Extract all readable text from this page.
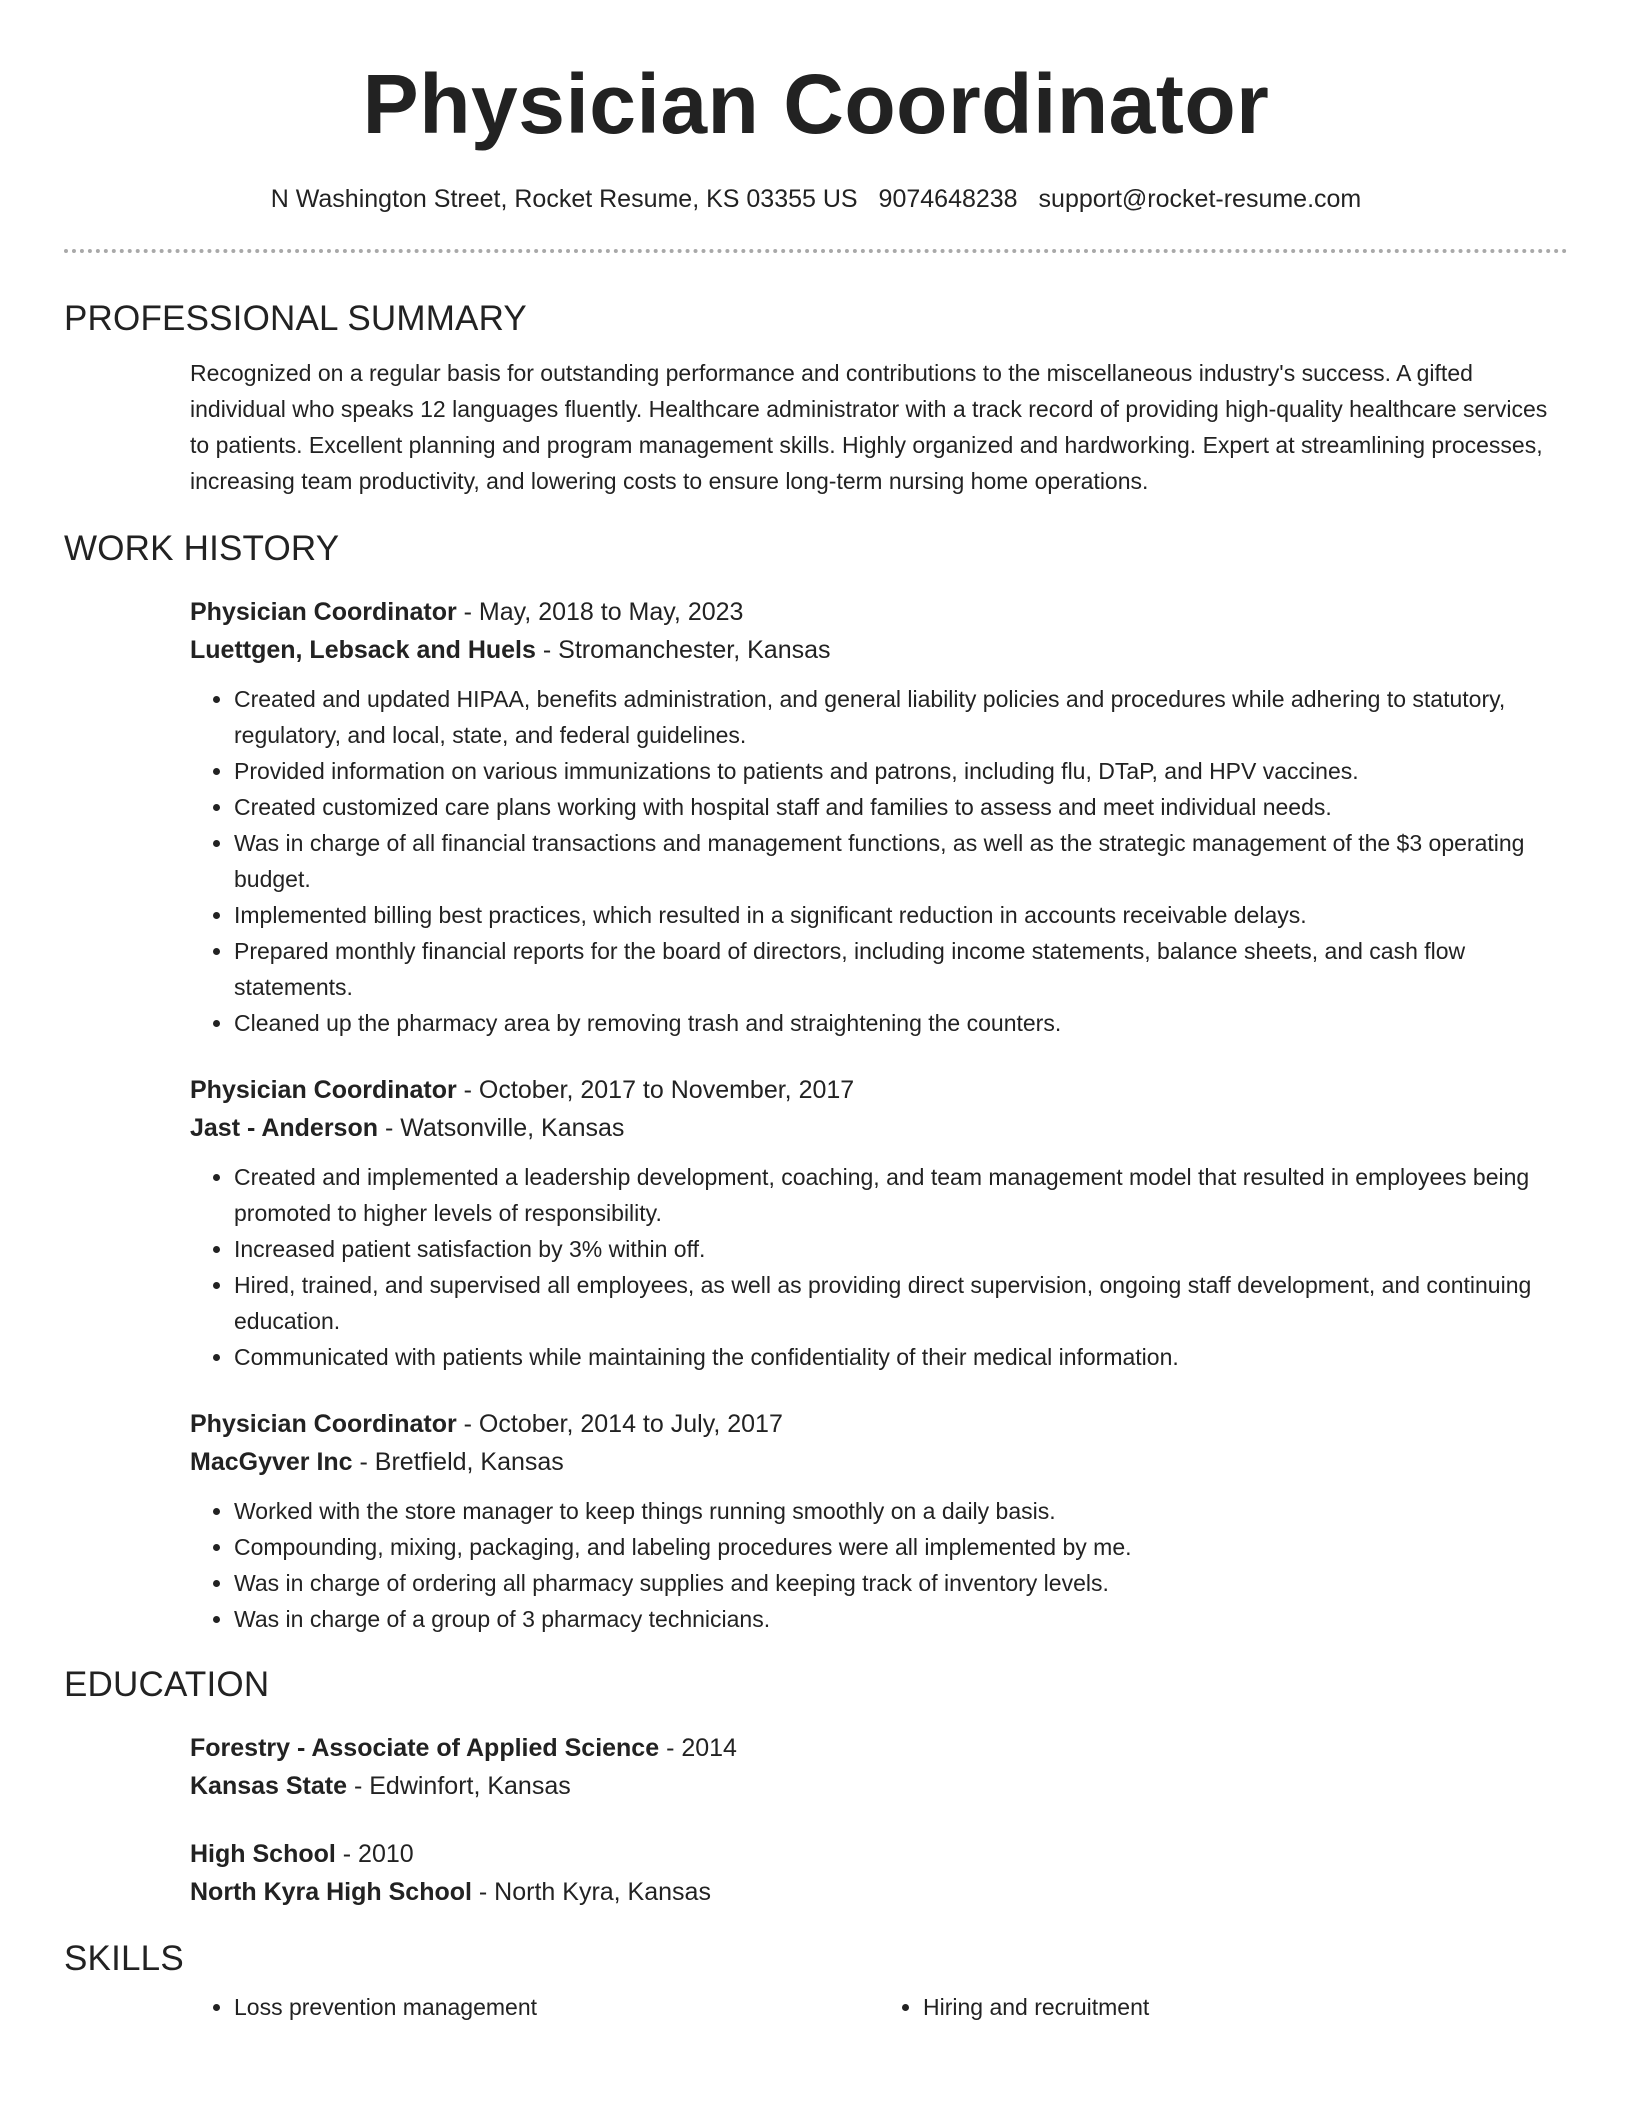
Physician Coordinator
N Washington Street, Rocket Resume, KS 03355 US 9074648238 support@rocket-resume.com
PROFESSIONAL SUMMARY
Recognized on a regular basis for outstanding performance and contributions to the miscellaneous industry's success. A gifted individual who speaks 12 languages fluently. Healthcare administrator with a track record of providing high-quality healthcare services to patients. Excellent planning and program management skills. Highly organized and hardworking. Expert at streamlining processes, increasing team productivity, and lowering costs to ensure long-term nursing home operations.
WORK HISTORY
Physician Coordinator - May, 2018 to May, 2023
Luettgen, Lebsack and Huels - Stromanchester, Kansas
• Created and updated HIPAA, benefits administration, and general liability policies and procedures while adhering to statutory, regulatory, and local, state, and federal guidelines.
• Provided information on various immunizations to patients and patrons, including flu, DTaP, and HPV vaccines.
• Created customized care plans working with hospital staff and families to assess and meet individual needs.
• Was in charge of all financial transactions and management functions, as well as the strategic management of the $3 operating budget.
• Implemented billing best practices, which resulted in a significant reduction in accounts receivable delays.
• Prepared monthly financial reports for the board of directors, including income statements, balance sheets, and cash flow statements.
• Cleaned up the pharmacy area by removing trash and straightening the counters.
Physician Coordinator - October, 2017 to November, 2017
Jast - Anderson - Watsonville, Kansas
• Created and implemented a leadership development, coaching, and team management model that resulted in employees being promoted to higher levels of responsibility.
• Increased patient satisfaction by 3% within off.
• Hired, trained, and supervised all employees, as well as providing direct supervision, ongoing staff development, and continuing education.
• Communicated with patients while maintaining the confidentiality of their medical information.
Physician Coordinator - October, 2014 to July, 2017
MacGyver Inc - Bretfield, Kansas
• Worked with the store manager to keep things running smoothly on a daily basis.
• Compounding, mixing, packaging, and labeling procedures were all implemented by me.
• Was in charge of ordering all pharmacy supplies and keeping track of inventory levels.
• Was in charge of a group of 3 pharmacy technicians.
EDUCATION
Forestry - Associate of Applied Science - 2014
Kansas State - Edwinfort, Kansas
High School - 2010
North Kyra High School - North Kyra, Kansas
SKILLS
• Loss prevention management
•	Hiring and recruitment
